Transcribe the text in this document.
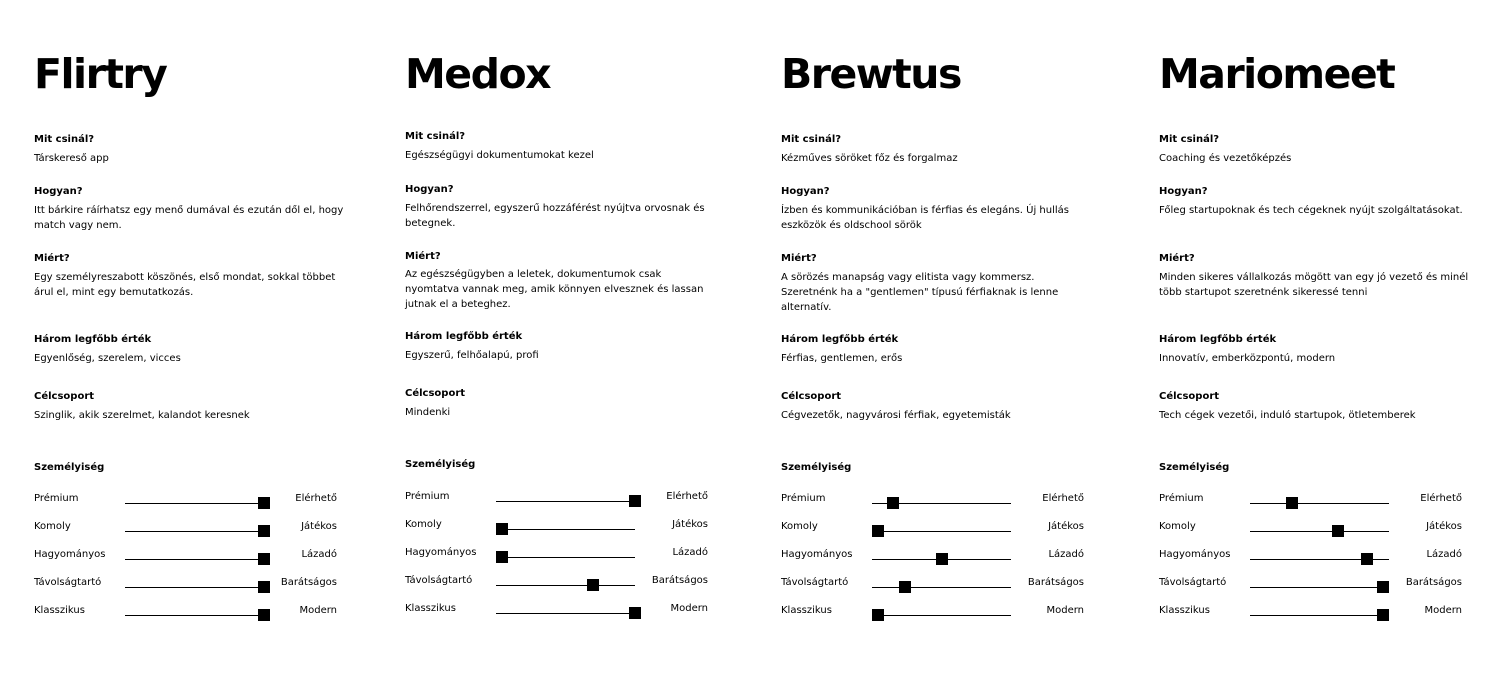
Flirtry
Mit csinál?
Társkereső app
Hogyan?
Itt bárkire ráírhatsz egy menő dumával és ezután dől el, hogy match vagy nem.
Miért?
Egy személyreszabott köszönés, első mondat, sokkal többet árul el, mint egy bemutatkozás.
Három legfőbb érték
Egyenlőség, szerelem, vicces
Célcsoport
Szinglik, akik szerelmet, kalandot keresnek
Személyiség
Prémium	Elérhető
Komoly	Játékos
Hagyományos	Lázadó
Távolságtartó	Barátságos
Klasszikus	Modern
Medox
Mit csinál?
Egészségügyi dokumentumokat kezel
Hogyan?
Felhőrendszerrel, egyszerű hozzáférést nyújtva orvosnak és betegnek.
Miért?
Az egészségügyben a leletek, dokumentumok csak nyomtatva vannak meg, amik könnyen elvesznek és lassan jutnak el a beteghez.
Három legfőbb érték
Egyszerű, felhőalapú, profi
Célcsoport
Mindenki
Személyiség
Prémium	Elérhető
Komoly	Játékos
Hagyományos	Lázadó
Távolságtartó	Barátságos
Klasszikus	Modern
Brewtus
Mit csinál?
Kézműves söröket főz és forgalmaz
Hogyan?
Ízben és kommunikációban is férfias és elegáns. Új hullás eszközök és oldschool sörök
Miért?
A sörözés manapság vagy elitista vagy kommersz. Szeretnénk ha a "gentlemen" típusú férfiaknak is lenne alternatív.
Három legfőbb érték
Férfias, gentlemen, erős
Célcsoport
Cégvezetők, nagyvárosi férfiak, egyetemisták
Személyiség
Prémium	Elérhető
Komoly	Játékos
Hagyományos	Lázadó
Távolságtartó	Barátságos
Klasszikus	Modern
Mariomeet
Mit csinál?
Coaching és vezetőképzés
Hogyan?
Főleg startupoknak és tech cégeknek nyújt szolgáltatásokat.
Miért?
Minden sikeres vállalkozás mögött van egy jó vezető és minél több startupot szeretnénk sikeressé tenni
Három legfőbb érték
Innovatív, emberközpontú, modern
Célcsoport
Tech cégek vezetői, induló startupok, ötletemberek
Személyiség
Prémium	Elérhető
Komoly	Játékos
Hagyományos	Lázadó
Távolságtartó	Barátságos
Klasszikus	Modern
